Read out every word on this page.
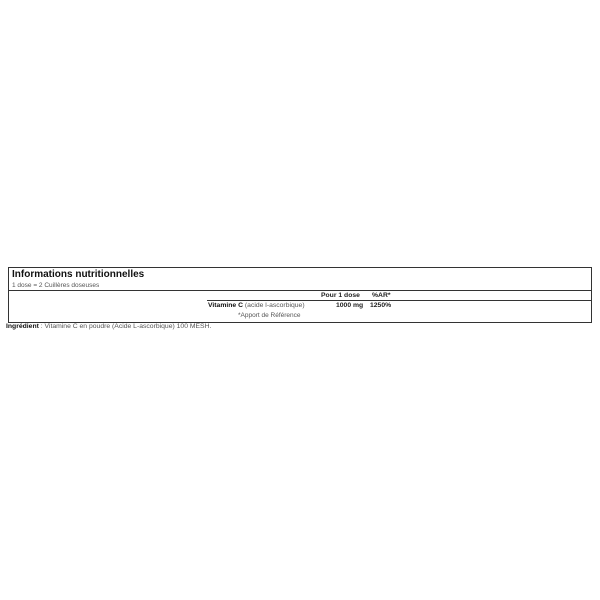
Informations nutritionnelles
1 dose = 2 Cuillères doseuses
Pour 1 dose %AR*
Vitamine C (acide l-ascorbique)	1000 mg 1250%
*Apport de Référence
Ingrédient : Vitamine C en poudre (Acide L-ascorbique) 100 MESH.
